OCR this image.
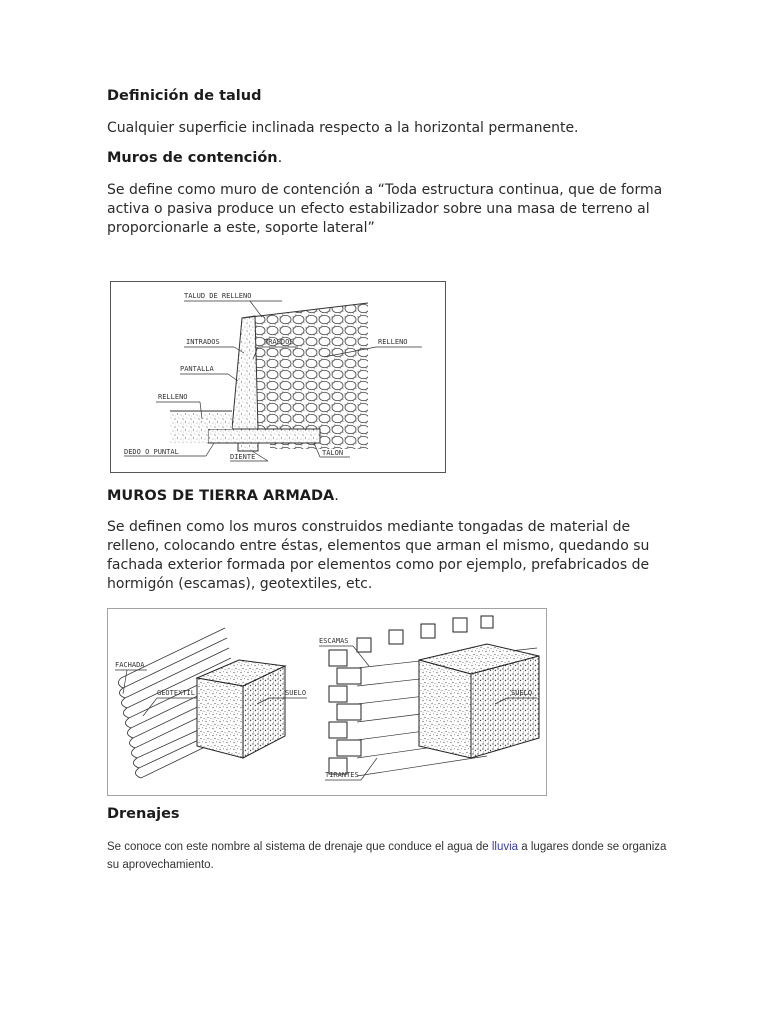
Definición de talud
Cualquier superficie inclinada respecto a la horizontal permanente.
Muros de contención.
Se define como muro de contención a “Toda estructura continua, que de forma activa o pasiva produce un efecto estabilizador sobre una masa de terreno al proporcionarle a este, soporte lateral”
TALUD DE RELLENO
INTRADOS	TRASDOS	RELLENO
PANTALLA
RELLENO
DEDO O PUNTAL
DIENTE	TALON
MUROS DE TIERRA ARMADA.
Se definen como los muros construidos mediante tongadas de material de relleno, colocando entre éstas, elementos que arman el mismo, quedando su fachada exterior formada por elementos como por ejemplo, prefabricados de hormigón (escamas), geotextiles, etc.
FACHADA
GEOTEXTIL	SUELO
ESCAMAS
SUELO
TIRANTES
Drenajes
Se conoce con este nombre al sistema de drenaje que conduce el agua de lluvia a lugares donde se organiza su aprovechamiento.
